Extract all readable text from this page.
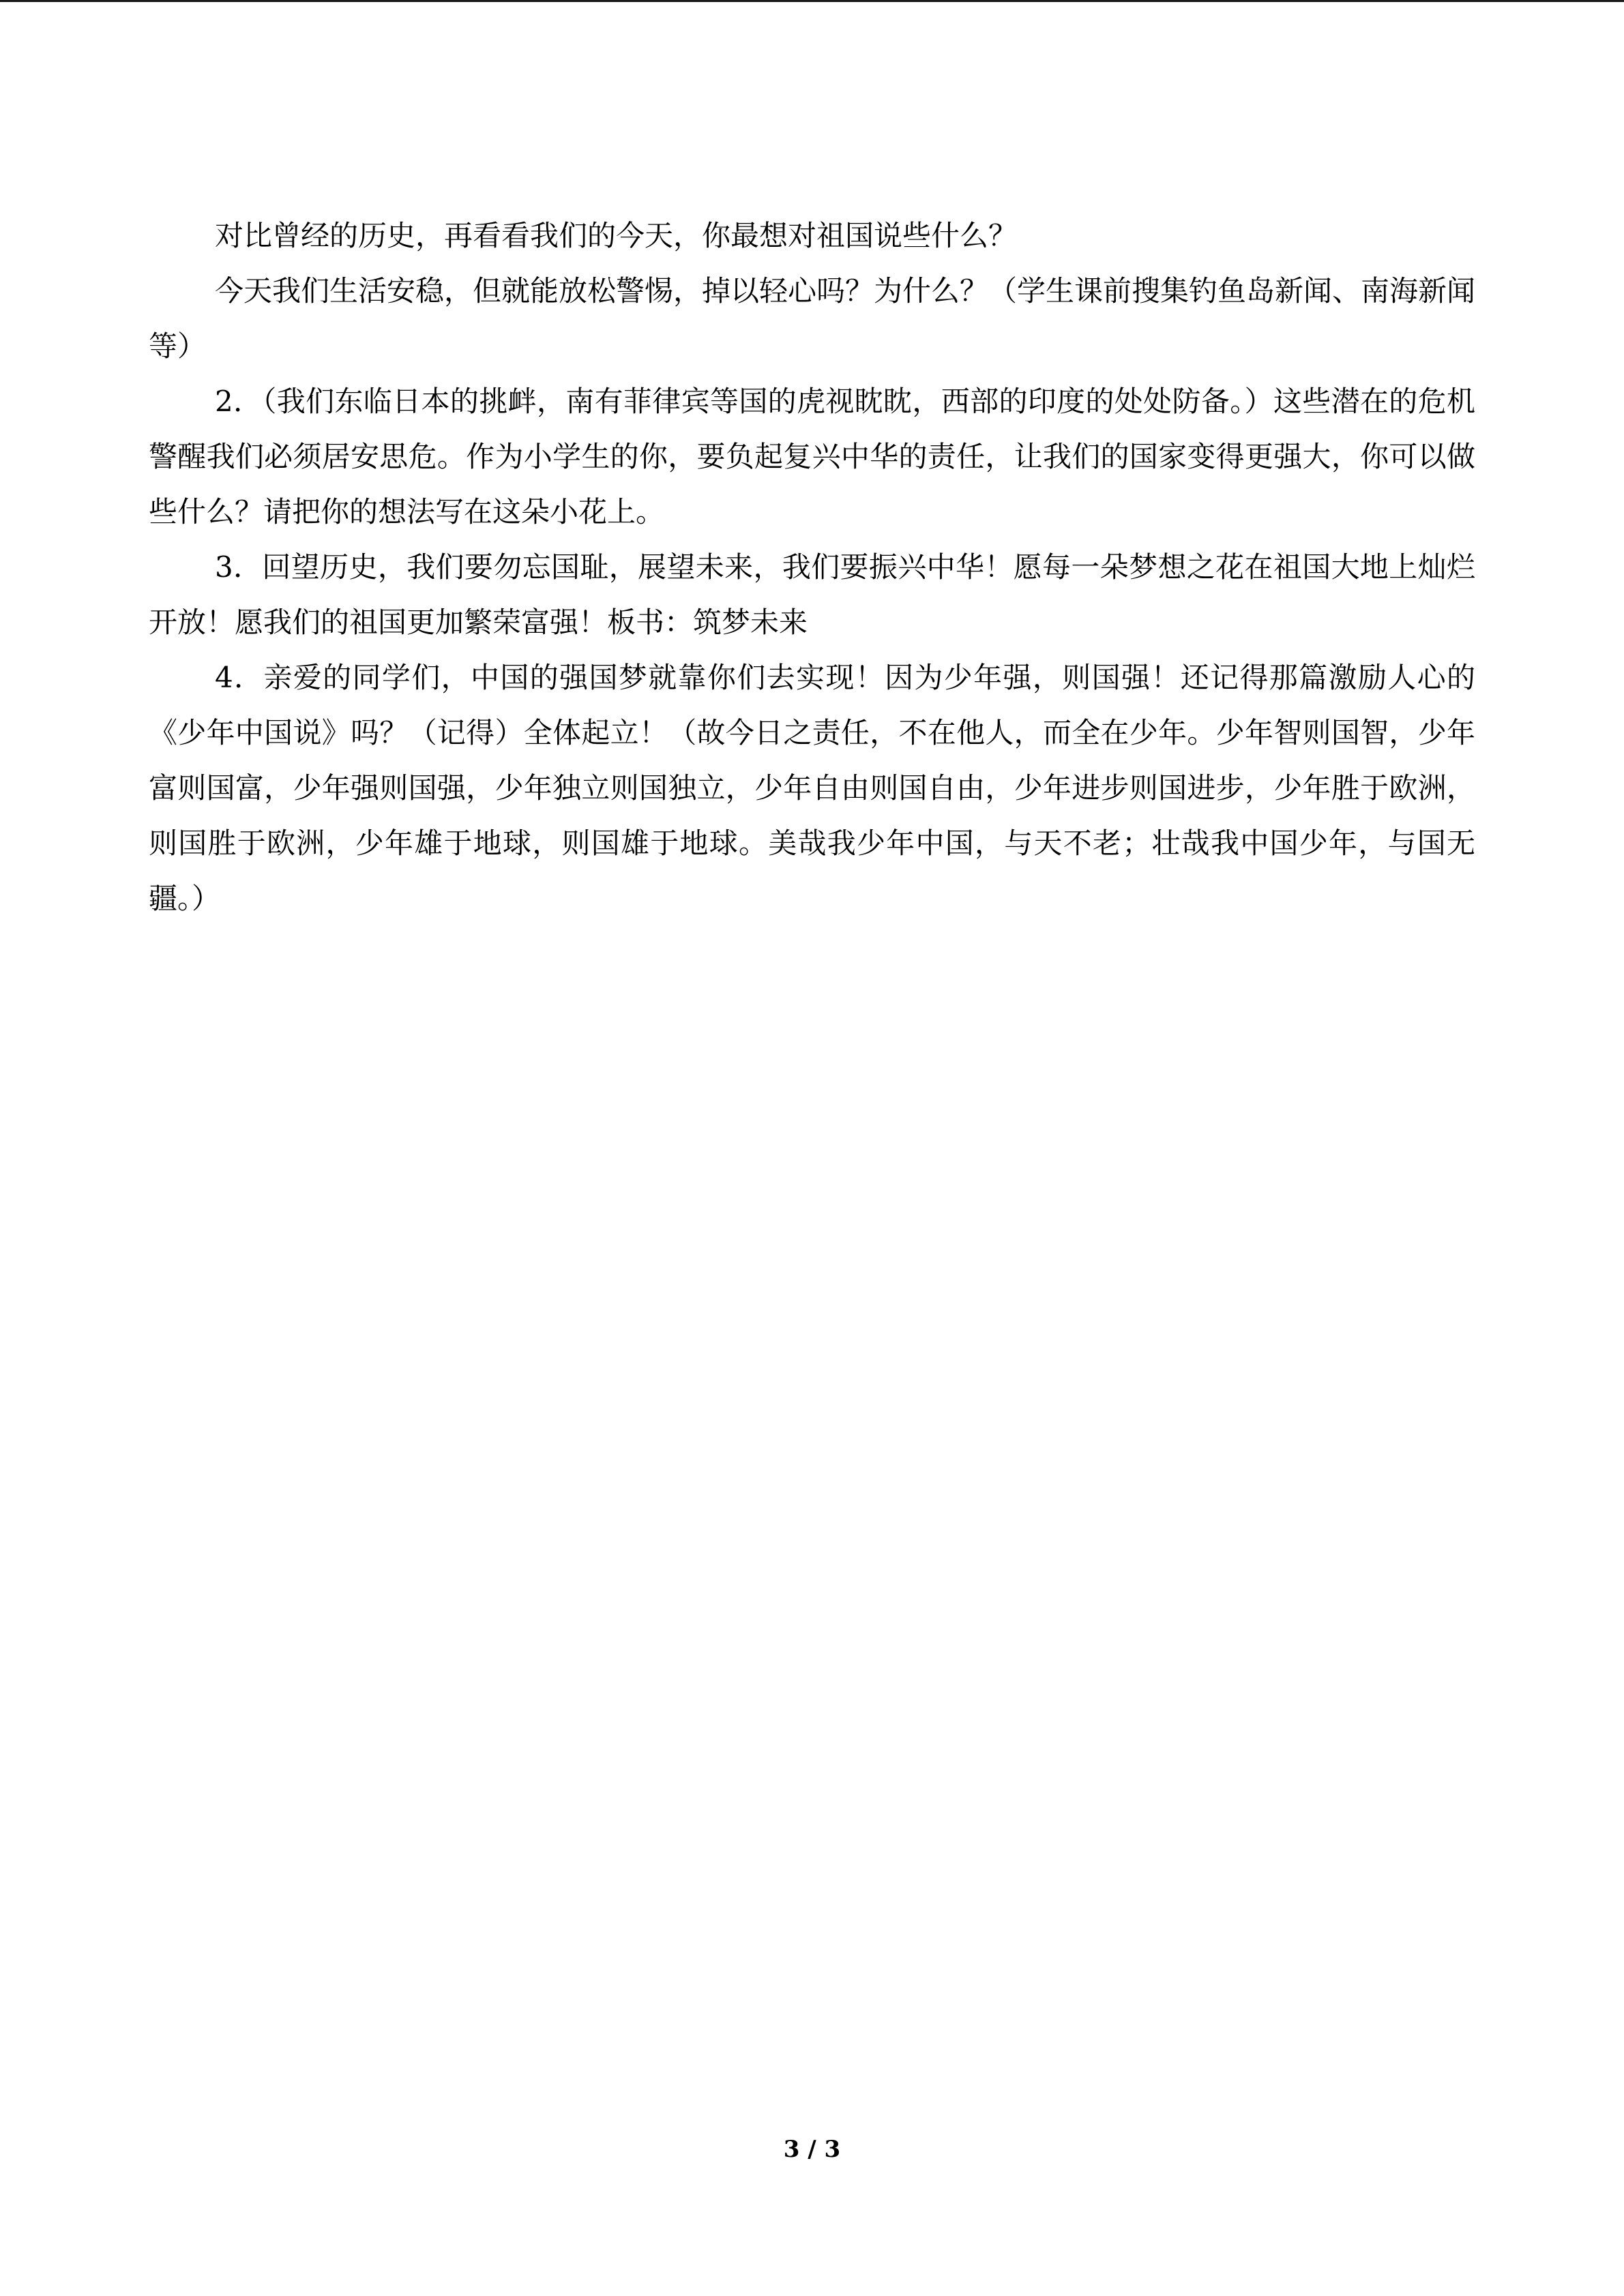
对比曾经的历史，再看看我们的今天，你最想对祖国说些什么？

今天我们生活安稳，但就能放松警惕，掉以轻心吗？为什么？（学生课前搜集钓鱼岛新闻、南海新闻等）

2．（我们东临日本的挑衅，南有菲律宾等国的虎视眈眈，西部的印度的处处防备。）这些潜在的危机警醒我们必须居安思危。作为小学生的你，要负起复兴中华的责任，让我们的国家变得更强大，你可以做些什么？请把你的想法写在这朵小花上。

3．回望历史，我们要勿忘国耻，展望未来，我们要振兴中华！愿每一朵梦想之花在祖国大地上灿烂开放！愿我们的祖国更加繁荣富强！板书：筑梦未来

4．亲爱的同学们，中国的强国梦就靠你们去实现！因为少年强，则国强！还记得那篇激励人心的《少年中国说》吗？（记得）全体起立！（故今日之责任，不在他人，而全在少年。少年智则国智，少年富则国富，少年强则国强，少年独立则国独立，少年自由则国自由，少年进步则国进步，少年胜于欧洲，则国胜于欧洲，少年雄于地球，则国雄于地球。美哉我少年中国，与天不老；壮哉我中国少年，与国无疆。）

3 / 3
